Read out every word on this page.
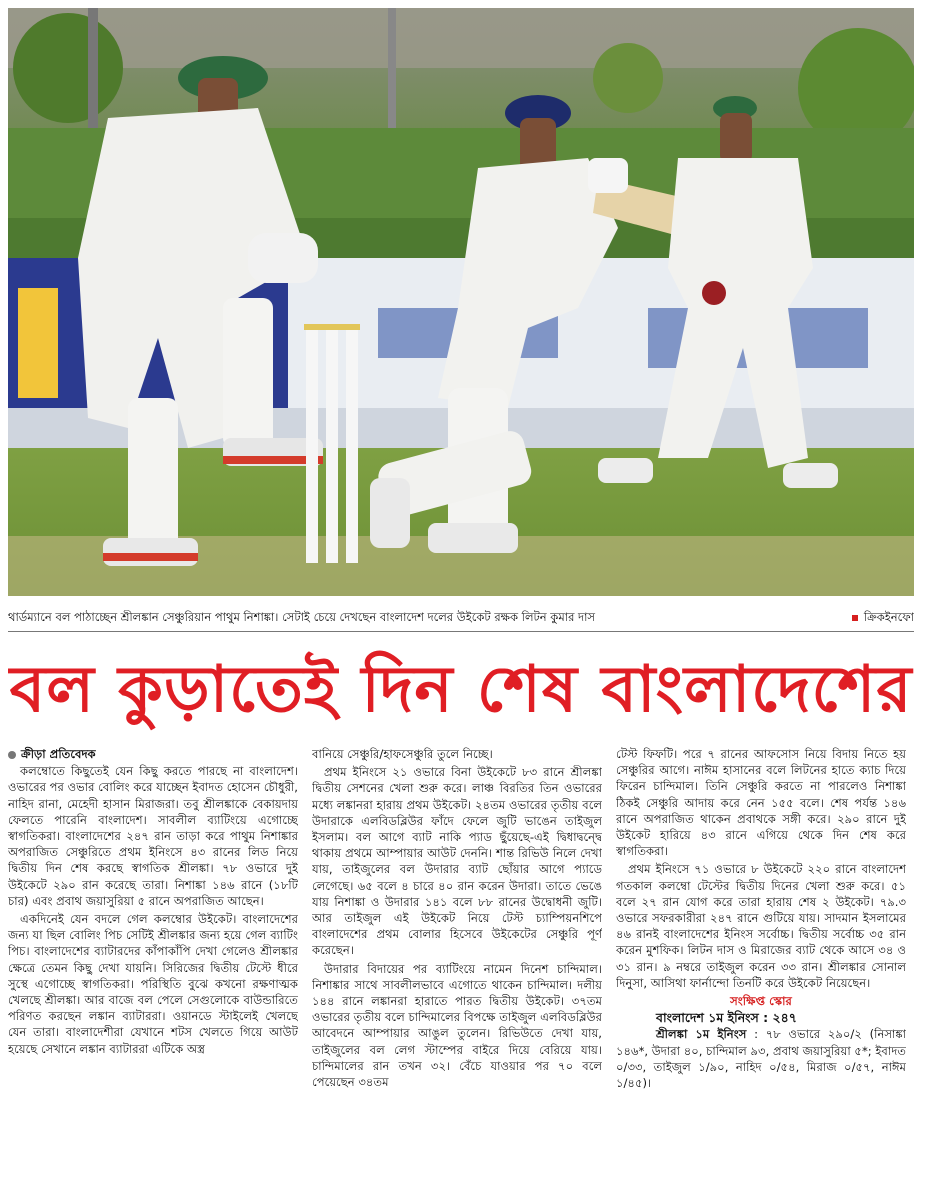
থার্ডম্যানে বল পাঠাচ্ছেন শ্রীলঙ্কান সেঞ্চুরিয়ান পাথুম নিশাঙ্কা। সেটাই চেয়ে দেখছেন বাংলাদেশ দলের উইকেট রক্ষক লিটন কুমার দাস	ক্রিকইনফো
বল কুড়াতেই দিন শেষ বাংলাদেশের
ক্রীড়া প্রতিবেদক

কলম্বোতে কিছুতেই যেন কিছু করতে পারছে না বাংলাদেশ। ওভারের পর ওভার বোলিং করে যাচ্ছেন ইবাদত হোসেন চৌধুরী, নাহিদ রানা, মেহেদী হাসান মিরাজরা। তবু শ্রীলঙ্কাকে বেকায়দায় ফেলতে পারেনি বাংলাদেশ। সাবলীল ব্যাটিংয়ে এগোচ্ছে স্বাগতিকরা। বাংলাদেশের ২৪৭ রান তাড়া করে পাথুম নিশাঙ্কার অপরাজিত সেঞ্চুরিতে প্রথম ইনিংসে ৪৩ রানের লিড নিয়ে দ্বিতীয় দিন শেষ করছে স্বাগতিক শ্রীলঙ্কা। ৭৮ ওভারে দুই উইকেটে ২৯০ রান করেছে তারা। নিশাঙ্কা ১৪৬ রানে (১৮টি চার) এবং প্রবাথ জয়াসুরিয়া ৫ রানে অপরাজিত আছেন।

একদিনেই যেন বদলে গেল কলম্বোর উইকেট। বাংলাদেশের জন্য যা ছিল বোলিং পিচ সেটিই শ্রীলঙ্কার জন্য হয়ে গেল ব্যাটিং পিচ। বাংলাদেশের ব্যাটারদের কাঁপাকাঁপি দেখা গেলেও শ্রীলঙ্কার ক্ষেত্রে তেমন কিছু দেখা যায়নি। সিরিজের দ্বিতীয় টেস্টে ধীরে সুস্থে এগোচ্ছে স্বাগতিকরা। পরিস্থিতি বুঝে কখনো রক্ষণাত্মক খেলছে শ্রীলঙ্কা। আর বাজে বল পেলে সেগুলোকে বাউন্ডারিতে পরিণত করছেন লঙ্কান ব্যাটাররা। ওয়ানডে স্টাইলেই খেলছে যেন তারা। বাংলাদেশীরা যেখানে শটস খেলতে গিয়ে আউট হয়েছে সেখানে লঙ্কান ব্যাটাররা এটিকে অস্ত্র

বানিয়ে সেঞ্চুরি/হাফসেঞ্চুরি তুলে নিচ্ছে।

প্রথম ইনিংসে ২১ ওভারে বিনা উইকেটে ৮৩ রানে শ্রীলঙ্কা দ্বিতীয় সেশনের খেলা শুরু করে। লাঞ্চ বিরতির তিন ওভারের মধ্যে লঙ্কানরা হারায় প্রথম উইকেট। ২৪তম ওভারের তৃতীয় বলে উদারাকে এলবিডব্লিউর ফাঁদে ফেলে জুটি ভাঙেন তাইজুল ইসলাম। বল আগে ব্যাট নাকি প্যাড ছুঁয়েছে-এই দ্বিধাদ্বন্দ্বে থাকায় প্রথমে আম্পায়ার আউট দেননি। শান্ত রিভিউ নিলে দেখা যায়, তাইজুলের বল উদারার ব্যাট ছোঁয়ার আগে প্যাডে লেগেছে। ৬৫ বলে ৪ চারে ৪০ রান করেন উদারা। তাতে ভেঙে যায় নিশাঙ্কা ও উদারার ১৪১ বলে ৮৮ রানের উদ্বোধনী জুটি। আর তাইজুল এই উইকেট নিয়ে টেস্ট চ্যাম্পিয়নশিপে বাংলাদেশের প্রথম বোলার হিসেবে উইকেটের সেঞ্চুরি পূর্ণ করেছেন।

উদারার বিদায়ের পর ব্যাটিংয়ে নামেন দিনেশ চান্দিমাল। নিশাঙ্কার সাথে সাবলীলভাবে এগোতে থাকেন চান্দিমাল। দলীয় ১৪৪ রানে লঙ্কানরা হারাতে পারত দ্বিতীয় উইকেট। ৩৭তম ওভারের তৃতীয় বলে চান্দিমালের বিপক্ষে তাইজুল এলবিডব্লিউর আবেদনে আম্পায়ার আঙুল তুলেন। রিভিউতে দেখা যায়, তাইজুলের বল লেগ স্টাম্পের বাইরে দিয়ে বেরিয়ে যায়। চান্দিমালের রান তখন ৩২। বেঁচে যাওয়ার পর ৭০ বলে পেয়েছেন ৩৪তম

টেস্ট ফিফটি। পরে ৭ রানের আফসোস নিয়ে বিদায় নিতে হয় সেঞ্চুরির আগে। নাঈম হাসানের বলে লিটনের হাতে ক্যাচ দিয়ে ফিরেন চান্দিমাল। তিনি সেঞ্চুরি করতে না পারলেও নিশাঙ্কা ঠিকই সেঞ্চুরি আদায় করে নেন ১৫৫ বলে। শেষ পর্যন্ত ১৪৬ রানে অপরাজিত থাকেন প্রবাথকে সঙ্গী করে। ২৯০ রানে দুই উইকেট হারিয়ে ৪৩ রানে এগিয়ে থেকে দিন শেষ করে স্বাগতিকরা।

প্রথম ইনিংসে ৭১ ওভারে ৮ উইকেটে ২২০ রানে বাংলাদেশ গতকাল কলম্বো টেস্টের দ্বিতীয় দিনের খেলা শুরু করে। ৫১ বলে ২৭ রান যোগ করে তারা হারায় শেষ ২ উইকেট। ৭৯.৩ ওভারে সফরকারীরা ২৪৭ রানে গুটিয়ে যায়। সাদমান ইসলামের ৪৬ রানই বাংলাদেশের ইনিংস সর্বোচ্চ। দ্বিতীয় সর্বোচ্চ ৩৫ রান করেন মুশফিক। লিটন দাস ও মিরাজের ব্যাট থেকে আসে ৩৪ ও ৩১ রান। ৯ নম্বরে তাইজুল করেন ৩৩ রান। শ্রীলঙ্কার সোনাল দিনুসা, আসিথা ফার্নান্দো তিনটি করে উইকেট নিয়েছেন।

সংক্ষিপ্ত স্কোর
বাংলাদেশ ১ম ইনিংস : ২৪৭

শ্রীলঙ্কা ১ম ইনিংস : ৭৮ ওভারে ২৯০/২ (নিসাঙ্কা ১৪৬*, উদারা ৪০, চান্দিমাল ৯৩, প্রবাথ জয়াসুরিয়া ৫*; ইবাদত ০/৩৩, তাইজুল ১/৯০, নাহিদ ০/৫৪, মিরাজ ০/৫৭, নাঈম ১/৪৫)।
